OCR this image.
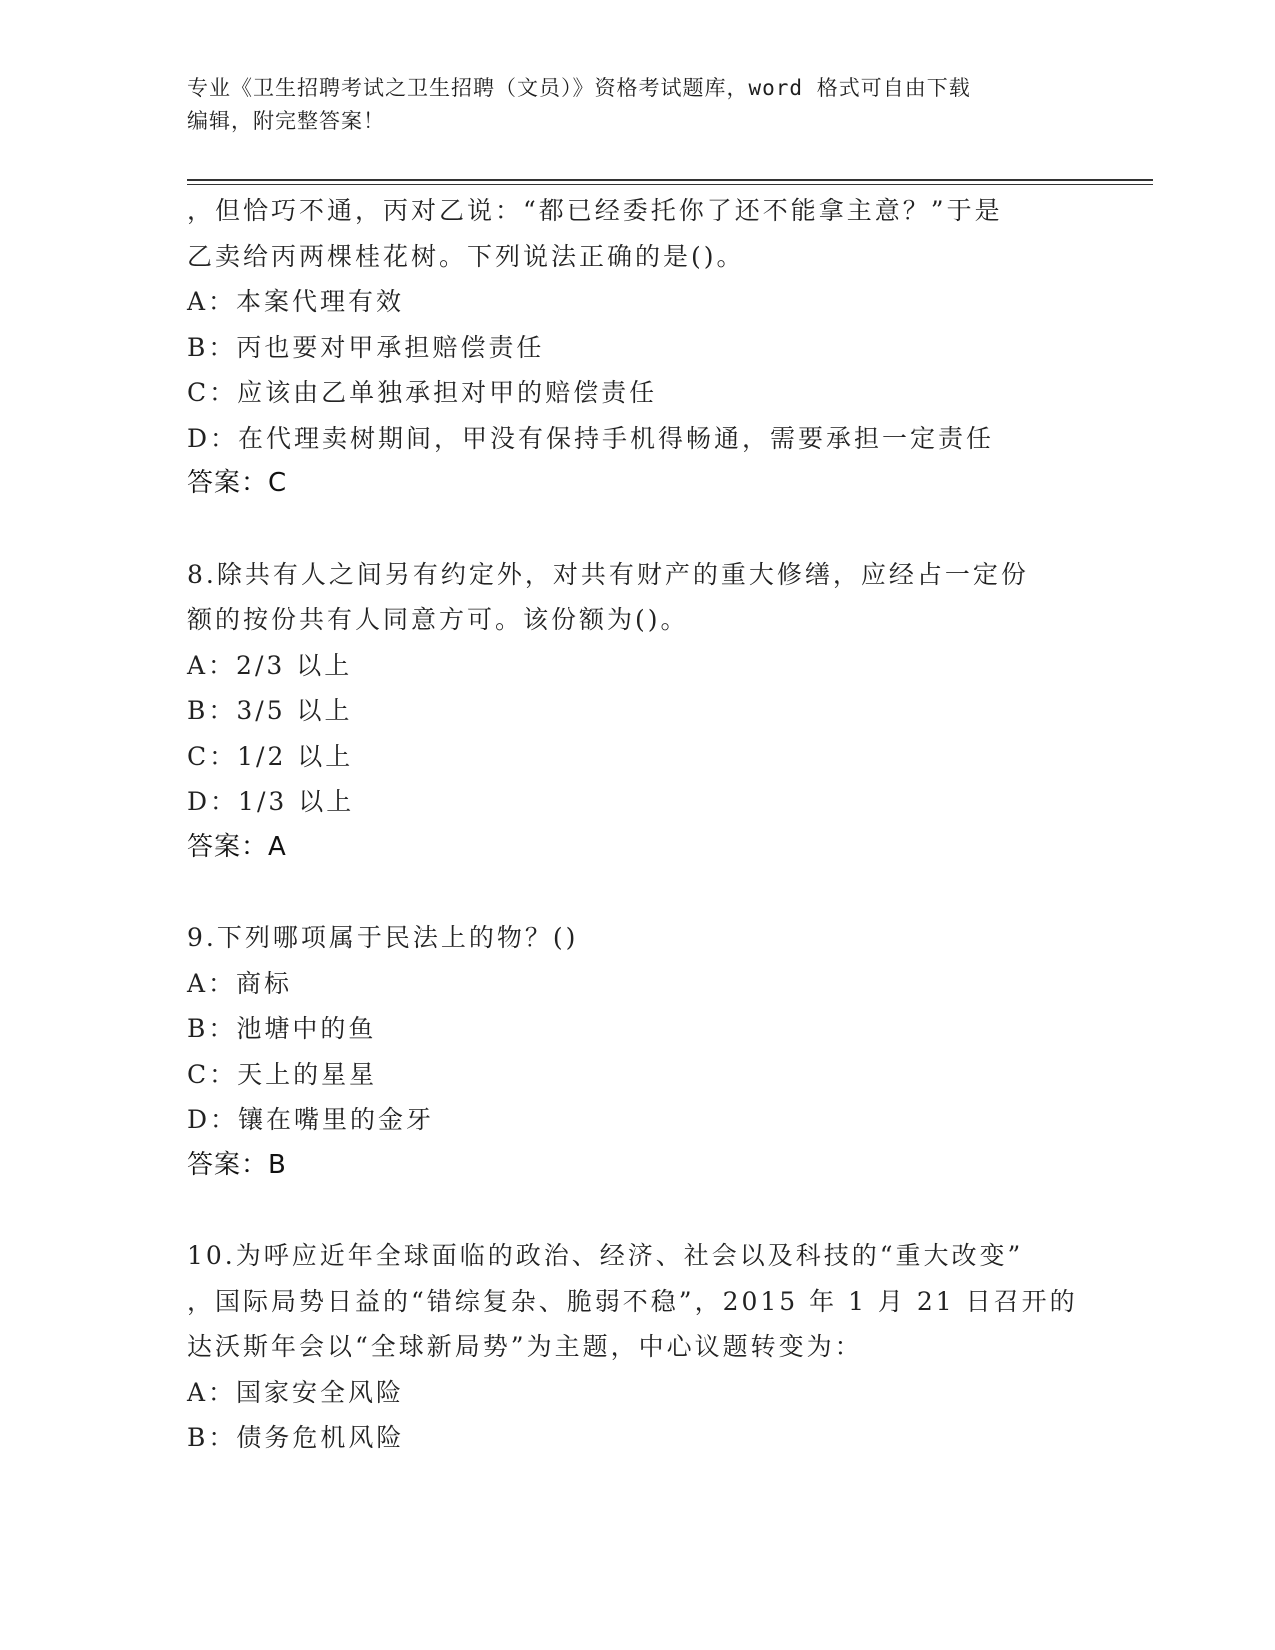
专业《卫生招聘考试之卫生招聘（文员）》资格考试题库，word 格式可自由下载
编辑，附完整答案！
，但恰巧不通，丙对乙说：“都已经委托你了还不能拿主意？”于是
乙卖给丙两棵桂花树。下列说法正确的是()。
A：本案代理有效
B：丙也要对甲承担赔偿责任
C：应该由乙单独承担对甲的赔偿责任
D：在代理卖树期间，甲没有保持手机得畅通，需要承担一定责任
答案：C
8.除共有人之间另有约定外，对共有财产的重大修缮，应经占一定份
额的按份共有人同意方可。该份额为()。
A：2/3 以上
B：3/5 以上
C：1/2 以上
D：1/3 以上
答案：A
9.下列哪项属于民法上的物？()
A：商标
B：池塘中的鱼
C：天上的星星
D：镶在嘴里的金牙
答案：B
10.为呼应近年全球面临的政治、经济、社会以及科技的“重大改变”
，国际局势日益的“错综复杂、脆弱不稳”，2015 年 1 月 21 日召开的
达沃斯年会以“全球新局势”为主题，中心议题转变为：
A：国家安全风险
B：债务危机风险
